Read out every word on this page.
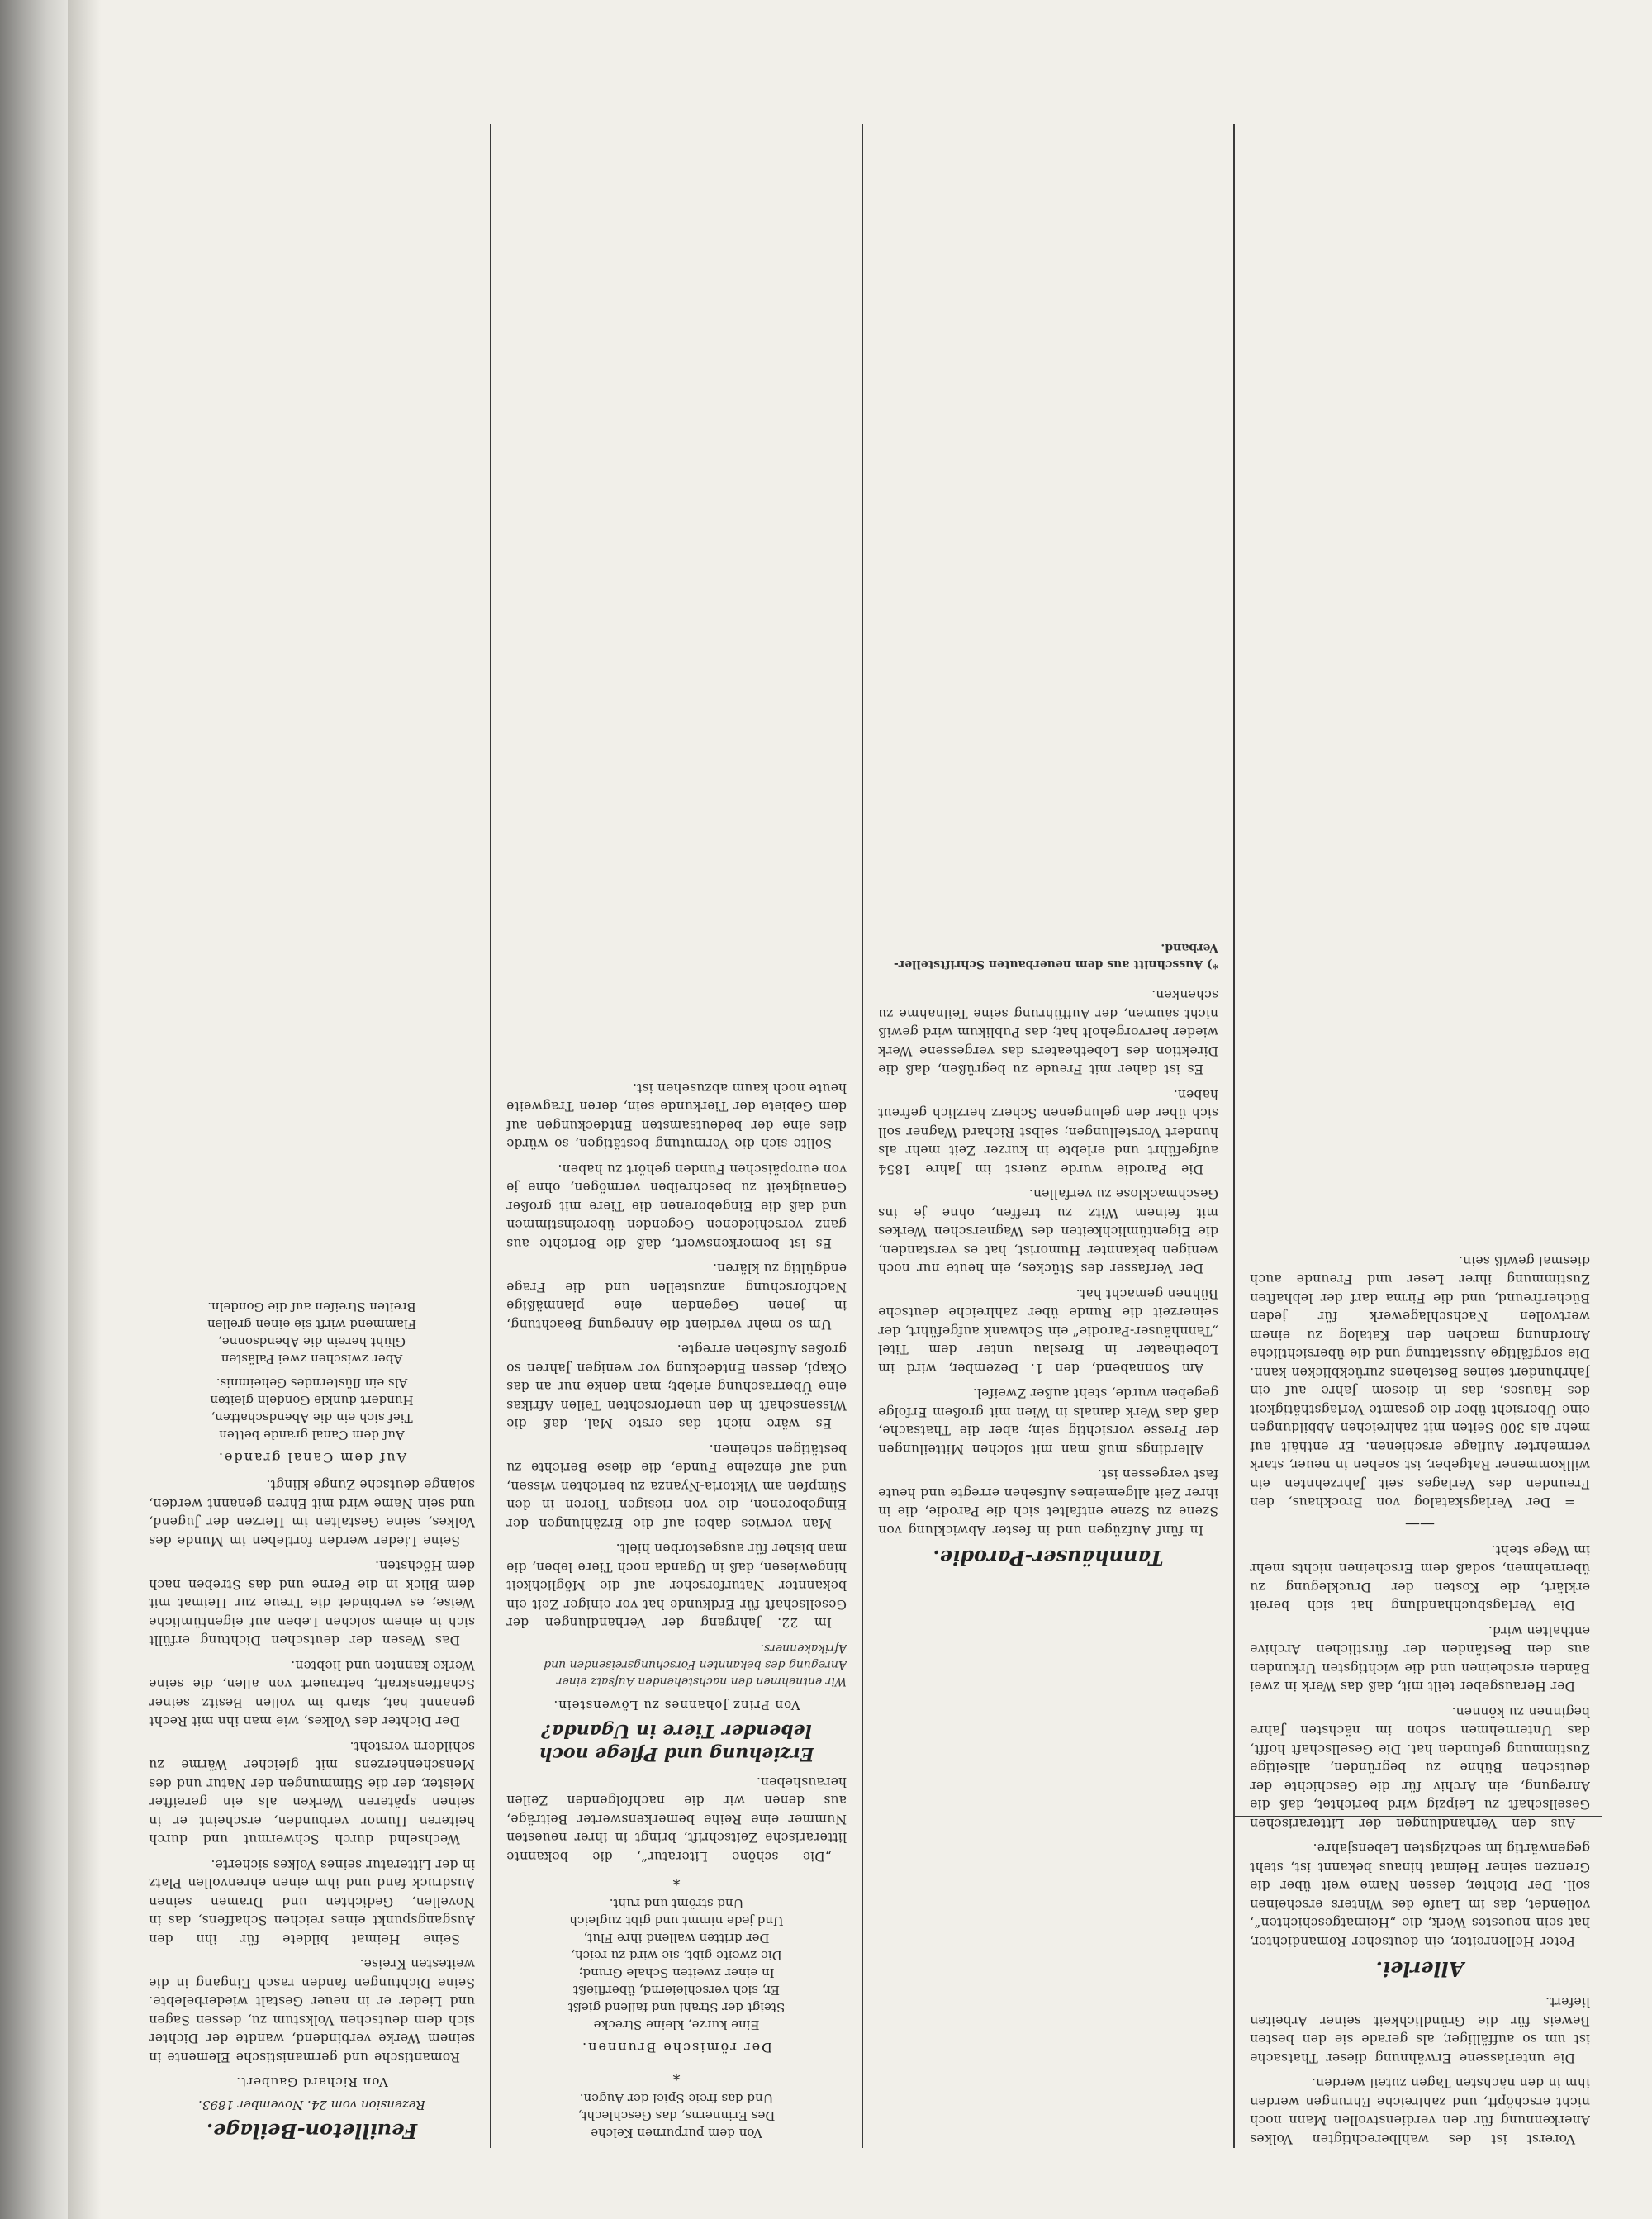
Feuilleton-Beilage.
Rezension vom 24. November 1893.
Von Richard Gaubert.

Romantische und germanistische Elemente in seinem Werke verbindend, wandte der Dichter sich dem deutschen Volkstum zu, dessen Sagen und Lieder er in neuer Gestalt wiederbelebte. Seine Dichtungen fanden rasch Eingang in die weitesten Kreise.

Seine Heimat bildete für ihn den Ausgangspunkt eines reichen Schaffens, das in Novellen, Gedichten und Dramen seinen Ausdruck fand und ihm einen ehrenvollen Platz in der Litteratur seines Volkes sicherte.

Wechselnd durch Schwermut und durch heiteren Humor verbunden, erscheint er in seinen späteren Werken als ein gereifter Meister, der die Stimmungen der Natur und des Menschenherzens mit gleicher Wärme zu schildern versteht.

Der Dichter des Volkes, wie man ihn mit Recht genannt hat, starb im vollen Besitz seiner Schaffenskraft, betrauert von allen, die seine Werke kannten und liebten.

Das Wesen der deutschen Dichtung erfüllt sich in einem solchen Leben auf eigentümliche Weise; es verbindet die Treue zur Heimat mit dem Blick in die Ferne und das Streben nach dem Höchsten.

Seine Lieder werden fortleben im Munde des Volkes, seine Gestalten im Herzen der Jugend, und sein Name wird mit Ehren genannt werden, solange deutsche Zunge klingt.

Auf dem Canal grande.
Auf dem Canal grande betten
Tief sich ein die Abendschatten,
Hundert dunkle Gondeln gleiten
Als ein flüsterndes Geheimnis.
Aber zwischen zwei Palästen
Glüht herein die Abendsonne,
Flammend wirft sie einen grellen
Breiten Streifen auf die Gondeln.
Von dem purpurnen Kelche
Des Erinnerns, das Geschlecht,
Und das freie Spiel der Augen.
*
Der römische Brunnen.
Eine kurze, kleine Strecke
Steigt der Strahl und fallend gießt
Er, sich verschleiernd, überfließt
In einer zweiten Schale Grund;
Die zweite gibt, sie wird zu reich,
Der dritten wallend ihre Flut,
Und jede nimmt und gibt zugleich
Und strömt und ruht.
*

„Die schöne Literatur“, die bekannte litterarische Zeitschrift, bringt in ihrer neuesten Nummer eine Reihe bemerkenswerter Beiträge, aus denen wir die nachfolgenden Zeilen herausheben.

Erziehung und Pflege noch lebender Tiere in Uganda?
Von Prinz Johannes zu Löwenstein.
Wir entnehmen den nachstehenden Aufsatz einer Anregung des bekannten Forschungsreisenden und Afrikakenners.

Im 22. Jahrgang der Verhandlungen der Gesellschaft für Erdkunde hat vor einiger Zeit ein bekannter Naturforscher auf die Möglichkeit hingewiesen, daß in Uganda noch Tiere leben, die man bisher für ausgestorben hielt.

Man verwies dabei auf die Erzählungen der Eingeborenen, die von riesigen Tieren in den Sümpfen am Viktoria-Nyanza zu berichten wissen, und auf einzelne Funde, die diese Berichte zu bestätigen scheinen.

Es wäre nicht das erste Mal, daß die Wissenschaft in den unerforschten Teilen Afrikas eine Überraschung erlebt; man denke nur an das Okapi, dessen Entdeckung vor wenigen Jahren so großes Aufsehen erregte.

Um so mehr verdient die Anregung Beachtung, in jenen Gegenden eine planmäßige Nachforschung anzustellen und die Frage endgültig zu klären.

Es ist bemerkenswert, daß die Berichte aus ganz verschiedenen Gegenden übereinstimmen und daß die Eingeborenen die Tiere mit großer Genauigkeit zu beschreiben vermögen, ohne je von europäischen Funden gehört zu haben.

Sollte sich die Vermutung bestätigen, so würde dies eine der bedeutsamsten Entdeckungen auf dem Gebiete der Tierkunde sein, deren Tragweite heute noch kaum abzusehen ist.

Tannhäuser-Parodie.

In fünf Aufzügen und in fester Abwicklung von Szene zu Szene entfaltet sich die Parodie, die in ihrer Zeit allgemeines Aufsehen erregte und heute fast vergessen ist.

Allerdings muß man mit solchen Mitteilungen der Presse vorsichtig sein; aber die Thatsache, daß das Werk damals in Wien mit großem Erfolge gegeben wurde, steht außer Zweifel.

Am Sonnabend, den 1. Dezember, wird im Lobetheater in Breslau unter dem Titel „Tannhäuser-Parodie“ ein Schwank aufgeführt, der seinerzeit die Runde über zahlreiche deutsche Bühnen gemacht hat.

Der Verfasser des Stückes, ein heute nur noch wenigen bekannter Humorist, hat es verstanden, die Eigentümlichkeiten des Wagnerschen Werkes mit feinem Witz zu treffen, ohne je ins Geschmacklose zu verfallen.

Die Parodie wurde zuerst im Jahre 1854 aufgeführt und erlebte in kurzer Zeit mehr als hundert Vorstellungen; selbst Richard Wagner soll sich über den gelungenen Scherz herzlich gefreut haben.

Es ist daher mit Freude zu begrüßen, daß die Direktion des Lobetheaters das vergessene Werk wieder hervorgeholt hat; das Publikum wird gewiß nicht säumen, der Aufführung seine Teilnahme zu schenken.

*) Ausschnitt aus dem neuerbauten Schriftsteller-Verband.

Vorerst ist des wahlberechtigten Volkes Anerkennung für den verdienstvollen Mann noch nicht erschöpft, und zahlreiche Ehrungen werden ihm in den nächsten Tagen zuteil werden.

Die unterlassene Erwähnung dieser Thatsache ist um so auffälliger, als gerade sie den besten Beweis für die Gründlichkeit seiner Arbeiten liefert.

Allerlei.

Peter Hellenreiter, ein deutscher Romandichter, hat sein neuestes Werk, die „Heimatgeschichten“, vollendet, das im Laufe des Winters erscheinen soll. Der Dichter, dessen Name weit über die Grenzen seiner Heimat hinaus bekannt ist, steht gegenwärtig im sechzigsten Lebensjahre.

Aus den Verhandlungen der Litterarischen Gesellschaft zu Leipzig wird berichtet, daß die Anregung, ein Archiv für die Geschichte der deutschen Bühne zu begründen, allseitige Zustimmung gefunden hat. Die Gesellschaft hofft, das Unternehmen schon im nächsten Jahre beginnen zu können.

Der Herausgeber teilt mit, daß das Werk in zwei Bänden erscheinen und die wichtigsten Urkunden aus den Beständen der fürstlichen Archive enthalten wird.

Die Verlagsbuchhandlung hat sich bereit erklärt, die Kosten der Drucklegung zu übernehmen, sodaß dem Erscheinen nichts mehr im Wege steht.

——

= Der Verlagskatalog von Brockhaus, den Freunden des Verlages seit Jahrzehnten ein willkommener Ratgeber, ist soeben in neuer, stark vermehrter Auflage erschienen. Er enthält auf mehr als 300 Seiten mit zahlreichen Abbildungen eine Übersicht über die gesamte Verlagsthätigkeit des Hauses, das in diesem Jahre auf ein Jahrhundert seines Bestehens zurückblicken kann. Die sorgfältige Ausstattung und die übersichtliche Anordnung machen den Katalog zu einem wertvollen Nachschlagewerk für jeden Bücherfreund, und die Firma darf der lebhaften Zustimmung ihrer Leser und Freunde auch diesmal gewiß sein.
